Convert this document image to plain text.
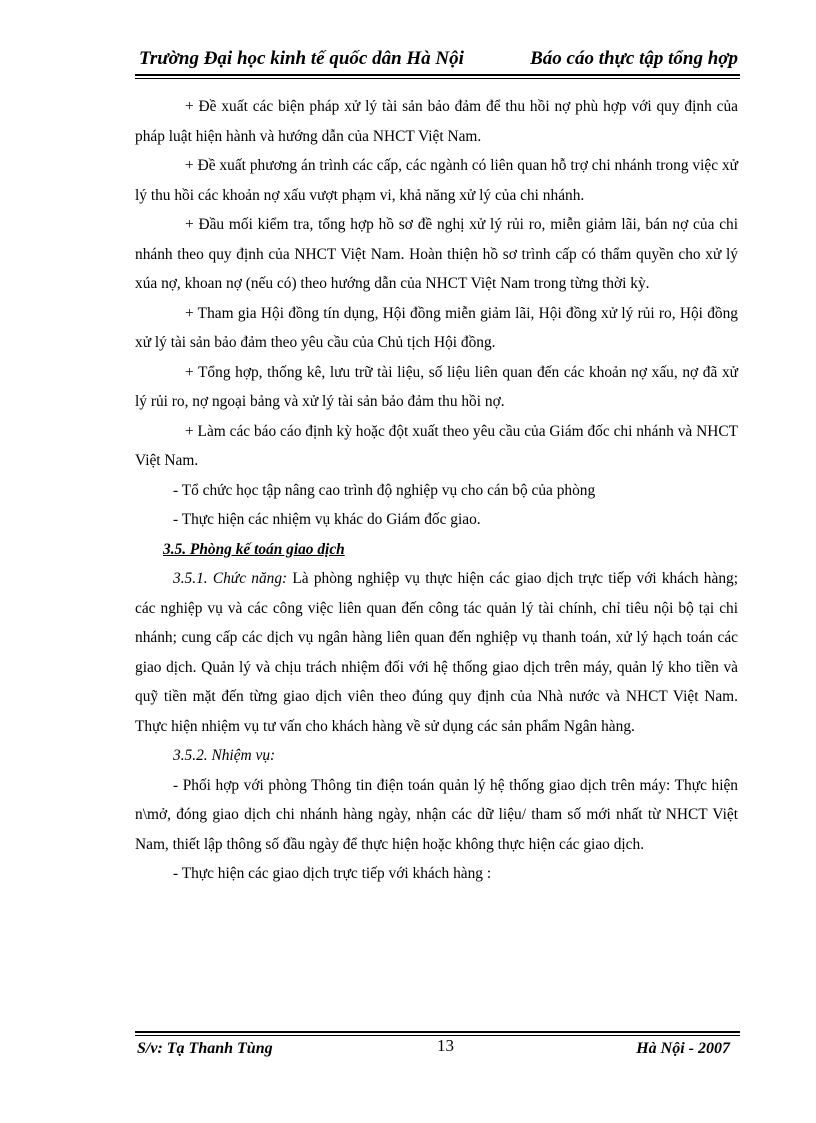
Trường Đại học kinh tế quốc dân Hà Nội	Báo cáo thực tập tổng hợp

+ Đề xuất các biện pháp xử lý tài sản bảo đảm để thu hồi nợ phù hợp với quy định của pháp luật hiện hành và hướng dẫn của NHCT Việt Nam.

+ Đề xuất phương án trình các cấp, các ngành có liên quan hỗ trợ chi nhánh trong việc xử lý thu hồi các khoản nợ xấu vượt phạm vi, khả năng xử lý của chi nhánh.

+ Đầu mối kiểm tra, tổng hợp hồ sơ đề nghị xử lý rủi ro, miễn giảm lãi, bán nợ của chi nhánh theo quy định của NHCT Việt Nam. Hoàn thiện hồ sơ trình cấp có thẩm quyền cho xử lý xúa nợ, khoan nợ (nếu có) theo hướng dẫn của NHCT Việt Nam trong từng thời kỳ.

+ Tham gia Hội đồng tín dụng, Hội đồng miễn giảm lãi, Hội đồng xử lý rủi ro, Hội đồng xử lý tài sản bảo đảm theo yêu cầu của Chủ tịch Hội đồng.

+ Tổng hợp, thống kê, lưu trữ tài liệu, số liệu liên quan đến các khoản nợ xấu, nợ đã xử lý rủi ro, nợ ngoại bảng và xử lý tài sản bảo đảm thu hồi nợ.

+ Làm các báo cáo định kỳ hoặc đột xuất theo yêu cầu của Giám đốc chi nhánh và NHCT Việt Nam.

- Tổ chức học tập nâng cao trình độ nghiệp vụ cho cán bộ của phòng

- Thực hiện các nhiệm vụ khác do Giám đốc giao.

3.5. Phòng kế toán giao dịch

3.5.1. Chức năng: Là phòng nghiệp vụ thực hiện các giao dịch trực tiếp với khách hàng; các nghiệp vụ và các công việc liên quan đến công tác quản lý tài chính, chỉ tiêu nội bộ tại chi nhánh; cung cấp các dịch vụ ngân hàng liên quan đến nghiệp vụ thanh toán, xử lý hạch toán các giao dịch. Quản lý và chịu trách nhiệm đối với hệ thống giao dịch trên máy, quản lý kho tiền và quỹ tiền mặt đến từng giao dịch viên theo đúng quy định của Nhà nước và NHCT Việt Nam. Thực hiện nhiệm vụ tư vấn cho khách hàng về sử dụng các sản phẩm Ngân hàng.

3.5.2. Nhiệm vụ:

- Phối hợp với phòng Thông tin điện toán quản lý hệ thống giao dịch trên máy: Thực hiện n\mở, đóng giao dịch chi nhánh hàng ngày, nhận các dữ liệu/ tham số mới nhất từ NHCT Việt Nam, thiết lập thông số đầu ngày để thực hiện hoặc không thực hiện các giao dịch.

- Thực hiện các giao dịch trực tiếp với khách hàng :

S/v: Tạ Thanh Tùng	13	Hà Nội - 2007
